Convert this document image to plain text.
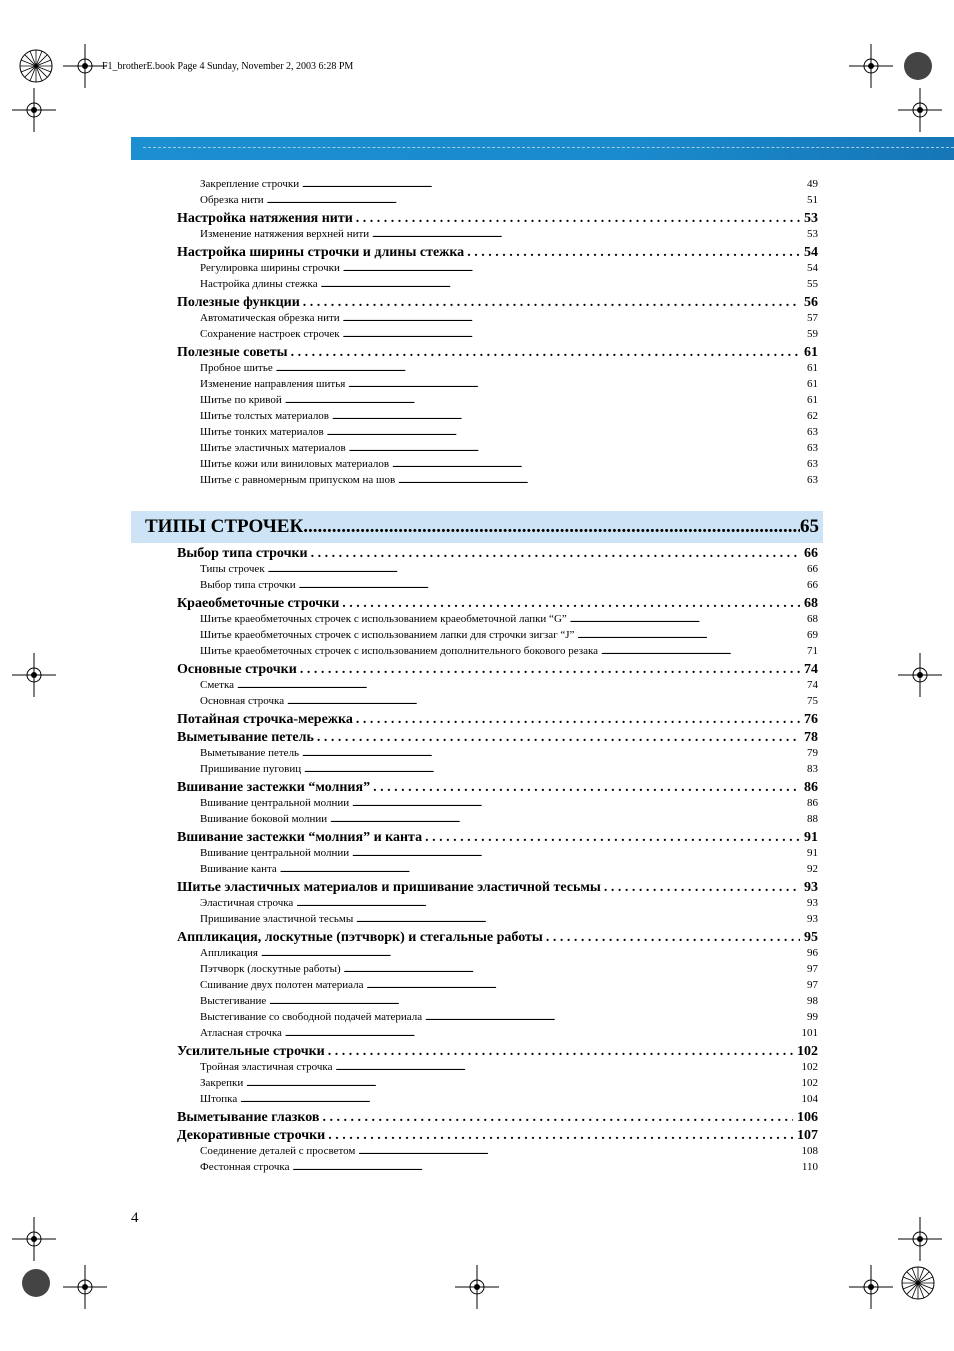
F1_brotherE.book Page 4 Sunday, November 2, 2003 6:28 PM
ТИПЫ СТРОЧЕК .....	65
Закрепление строчки . . .	49
Обрезка нити . . .	51
Настройка натяжения нити . . .	53
Изменение натяжения верхней нити . . .	53
Настройка ширины строчки и длины стежка . . .	54
Регулировка ширины строчки . . .	54
Настройка длины стежка . . .	55
Полезные функции . . .	56
Автоматическая обрезка нити . . .	57
Сохранение настроек строчек . . .	59
Полезные советы . . .	61
Пробное шитье . . .	61
Изменение направления шитья . . .	61
Шитье по кривой . . .	61
Шитье толстых материалов . . .	62
Шитье тонких материалов . . .	63
Шитье эластичных материалов . . .	63
Шитье кожи или виниловых материалов . . .	63
Шитье с равномерным припуском на шов . . .	63
Выбор типа строчки . . .	66
Типы строчек . . .	66
Выбор типа строчки . . .	66
Краеобметочные строчки . . .	68
Шитье краеобметочных строчек с использованием краеобметочной лапки “G” . . .	68
Шитье краеобметочных строчек с использованием лапки для строчки зигзаг “J” . . .	69
Шитье краеобметочных строчек с использованием дополнительного бокового резака . . .	71
Основные строчки . . .	74
Сметка . . .	74
Основная строчка . . .	75
Потайная строчка-мережка . . .	76
Выметывание петель . . .	78
Выметывание петель . . .	79
Пришивание пуговиц . . .	83
Вшивание застежки “молния” . . .	86
Вшивание центральной молнии . . .	86
Вшивание боковой молнии . . .	88
Вшивание застежки “молния” и канта . . .	91
Вшивание центральной молнии . . .	91
Вшивание канта . . .	92
Шитье эластичных материалов и пришивание эластичной тесьмы . . .	93
Эластичная строчка . . .	93
Пришивание эластичной тесьмы . . .	93
Аппликация, лоскутные (пэтчворк) и стегальные работы . . .	95
Аппликация . . .	96
Пэтчворк (лоскутные работы) . . .	97
Сшивание двух полотен материала . . .	97
Выстегивание . . .	98
Выстегивание со свободной подачей материала . . .	99
Атласная строчка . . .	101
Усилительные строчки . . .	102
Тройная эластичная строчка . . .	102
Закрепки . . .	102
Штопка . . .	104
Выметывание глазков . . .	106
Декоративные строчки . . .	107
Соединение деталей с просветом . . .	108
Фестонная строчка . . .	110
4
